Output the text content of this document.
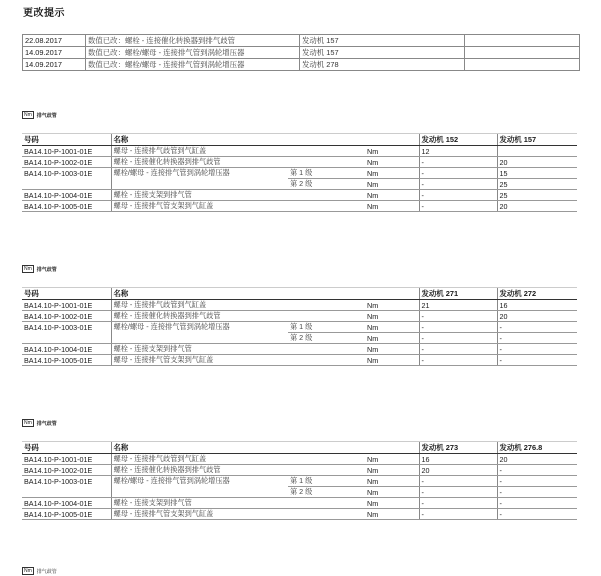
更改提示
22.08.2017	数值已改：螺栓 - 连接催化转换器到排气歧管	发动机 157	
14.09.2017	数值已改：螺栓/螺母 - 连接排气管到涡轮增压器	发动机 157	
14.09.2017	数值已改：螺栓/螺母 - 连接排气管到涡轮增压器	发动机 278	
Nm	排气歧管
号码	名称				发动机 152	发动机 157
BA14.10-P-1001-01E	螺母 - 连接排气歧管到气缸盖		Nm		12	
BA14.10-P-1002-01E	螺栓 - 连接催化转换器到排气歧管		Nm		-	20
BA14.10-P-1003-01E	螺栓/螺母 - 连接排气管到涡轮增压器	第 1 级	Nm		-	15
		第 2 级	Nm		-	25
BA14.10-P-1004-01E	螺栓 - 连接支架到排气管		Nm		-	25
BA14.10-P-1005-01E	螺母 - 连接排气管支架到气缸盖		Nm		-	20
Nm	排气歧管
号码	名称				发动机 271	发动机 272
BA14.10-P-1001-01E	螺母 - 连接排气歧管到气缸盖		Nm		21	16
BA14.10-P-1002-01E	螺栓 - 连接催化转换器到排气歧管		Nm		-	20
BA14.10-P-1003-01E	螺栓/螺母 - 连接排气管到涡轮增压器	第 1 级	Nm		-	-
		第 2 级	Nm		-	-
BA14.10-P-1004-01E	螺栓 - 连接支架到排气管		Nm		-	-
BA14.10-P-1005-01E	螺母 - 连接排气管支架到气缸盖		Nm		-	-
Nm	排气歧管
号码	名称				发动机 273	发动机 276.8
BA14.10-P-1001-01E	螺母 - 连接排气歧管到气缸盖		Nm		16	20
BA14.10-P-1002-01E	螺栓 - 连接催化转换器到排气歧管		Nm		20	-
BA14.10-P-1003-01E	螺栓/螺母 - 连接排气管到涡轮增压器	第 1 级	Nm		-	-
		第 2 级	Nm		-	-
BA14.10-P-1004-01E	螺栓 - 连接支架到排气管		Nm		-	-
BA14.10-P-1005-01E	螺母 - 连接排气管支架到气缸盖		Nm		-	-
Nm	排气歧管
